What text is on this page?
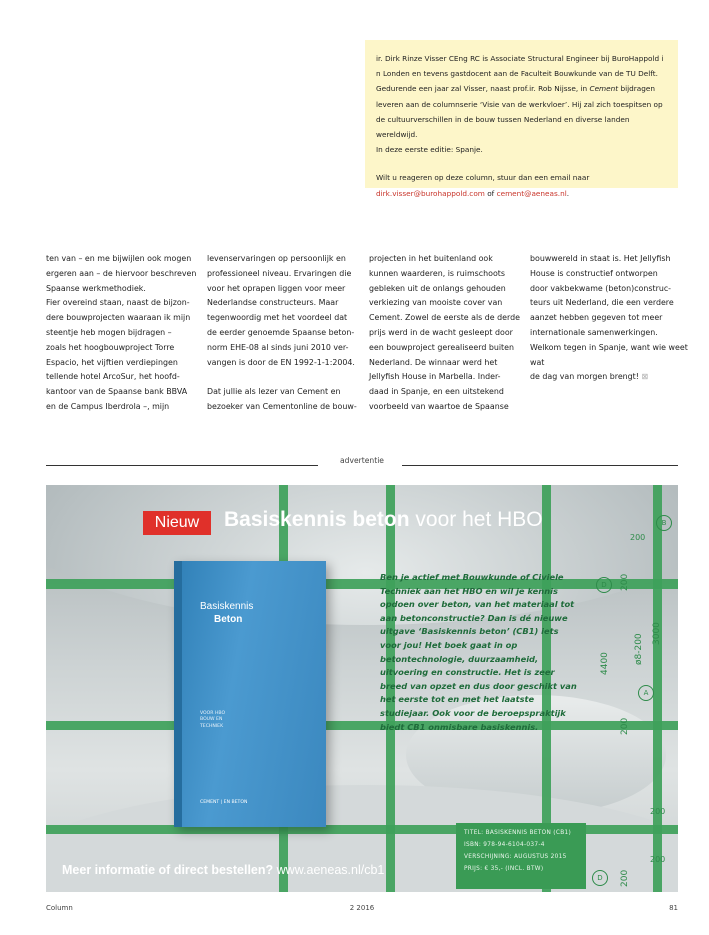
ir. Dirk Rinze Visser CEng RC is Associate Structural Engineer bij BuroHappold i

n Londen en tevens gastdocent aan de Faculteit Bouwkunde van de TU Delft.

Gedurende een jaar zal Visser, naast prof.ir. Rob Nijsse, in Cement bijdragen

leveren aan de columnserie ‘Visie van de werkvloer’. Hij zal zich toespitsen op

de cultuurverschillen in de bouw tussen Nederland en diverse landen wereldwijd.

In deze eerste editie: Spanje.

Wilt u reageren op deze column, stuur dan een email naar

dirk.visser@burohappold.com of cement@aeneas.nl.

ten van – en me bijwijlen ook mogen

ergeren aan – de hiervoor beschreven

Spaanse werkmethodiek.

Fier overeind staan, naast de bijzon-

dere bouwprojecten waaraan ik mijn

steentje heb mogen bijdragen –

zoals het hoogbouwproject Torre

Espacio, het vijftien verdiepingen

tellende hotel ArcoSur, het hoofd-

kantoor van de Spaanse bank BBVA

en de Campus Iberdrola –, mijn

levenservaringen op persoonlijk en

professioneel niveau. Ervaringen die

voor het oprapen liggen voor meer

Nederlandse constructeurs. Maar

tegenwoordig met het voordeel dat

de eerder genoemde Spaanse beton-

norm EHE-08 al sinds juni 2010 ver-

vangen is door de EN 1992-1-1:2004.

Dat jullie als lezer van Cement en

bezoeker van Cementonline de bouw-

projecten in het buitenland ook

kunnen waarderen, is ruimschoots

gebleken uit de onlangs gehouden

verkiezing van mooiste cover van

Cement. Zowel de eerste als de derde

prijs werd in de wacht gesleept door

een bouwproject gerealiseerd buiten

Nederland. De winnaar werd het

Jellyfish House in Marbella. Inder-

daad in Spanje, en een uitstekend

voorbeeld van waartoe de Spaanse

bouwwereld in staat is. Het Jellyfish

House is constructief ontworpen

door vakbekwame (beton)construc-

teurs uit Nederland, die een verdere

aanzet hebben gegeven tot meer

internationale samenwerkingen.

Welkom tegen in Spanje, want wie weet wat

de dag van morgen brengt! ⊠

advertentie
Nieuw	Basiskennis beton voor het HBO
Basiskennis
Beton
VOOR HBO
BOUW EN
TECHNIEK
CEMENT | EN BETON
Ben je actief met Bouwkunde of Civiele Techniek aan het HBO en wil je kennis opdoen over beton, van het materiaal tot aan betonconstructie? Dan is dé nieuwe uitgave ‘Basiskennis beton’ (CB1) iets voor jou! Het boek gaat in op betontechnologie, duurzaamheid, uitvoering en constructie. Het is zeer breed van opzet en dus door geschikt van het eerste tot en met het laatste studiejaar. Ook voor de beroepspraktijk biedt CB1 onmisbare basiskennis.
B
200
D	200
4400
3000
A
200
ø8-200
200
200
D
200
TITEL: BASISKENNIS BETON (CB1)
ISBN: 978-94-6104-037-4
VERSCHIJNING: AUGUSTUS 2015
PRIJS: € 35,- (INCL. BTW)
Meer informatie of direct bestellen? www.aeneas.nl/cb1
Column	2 2016	81
